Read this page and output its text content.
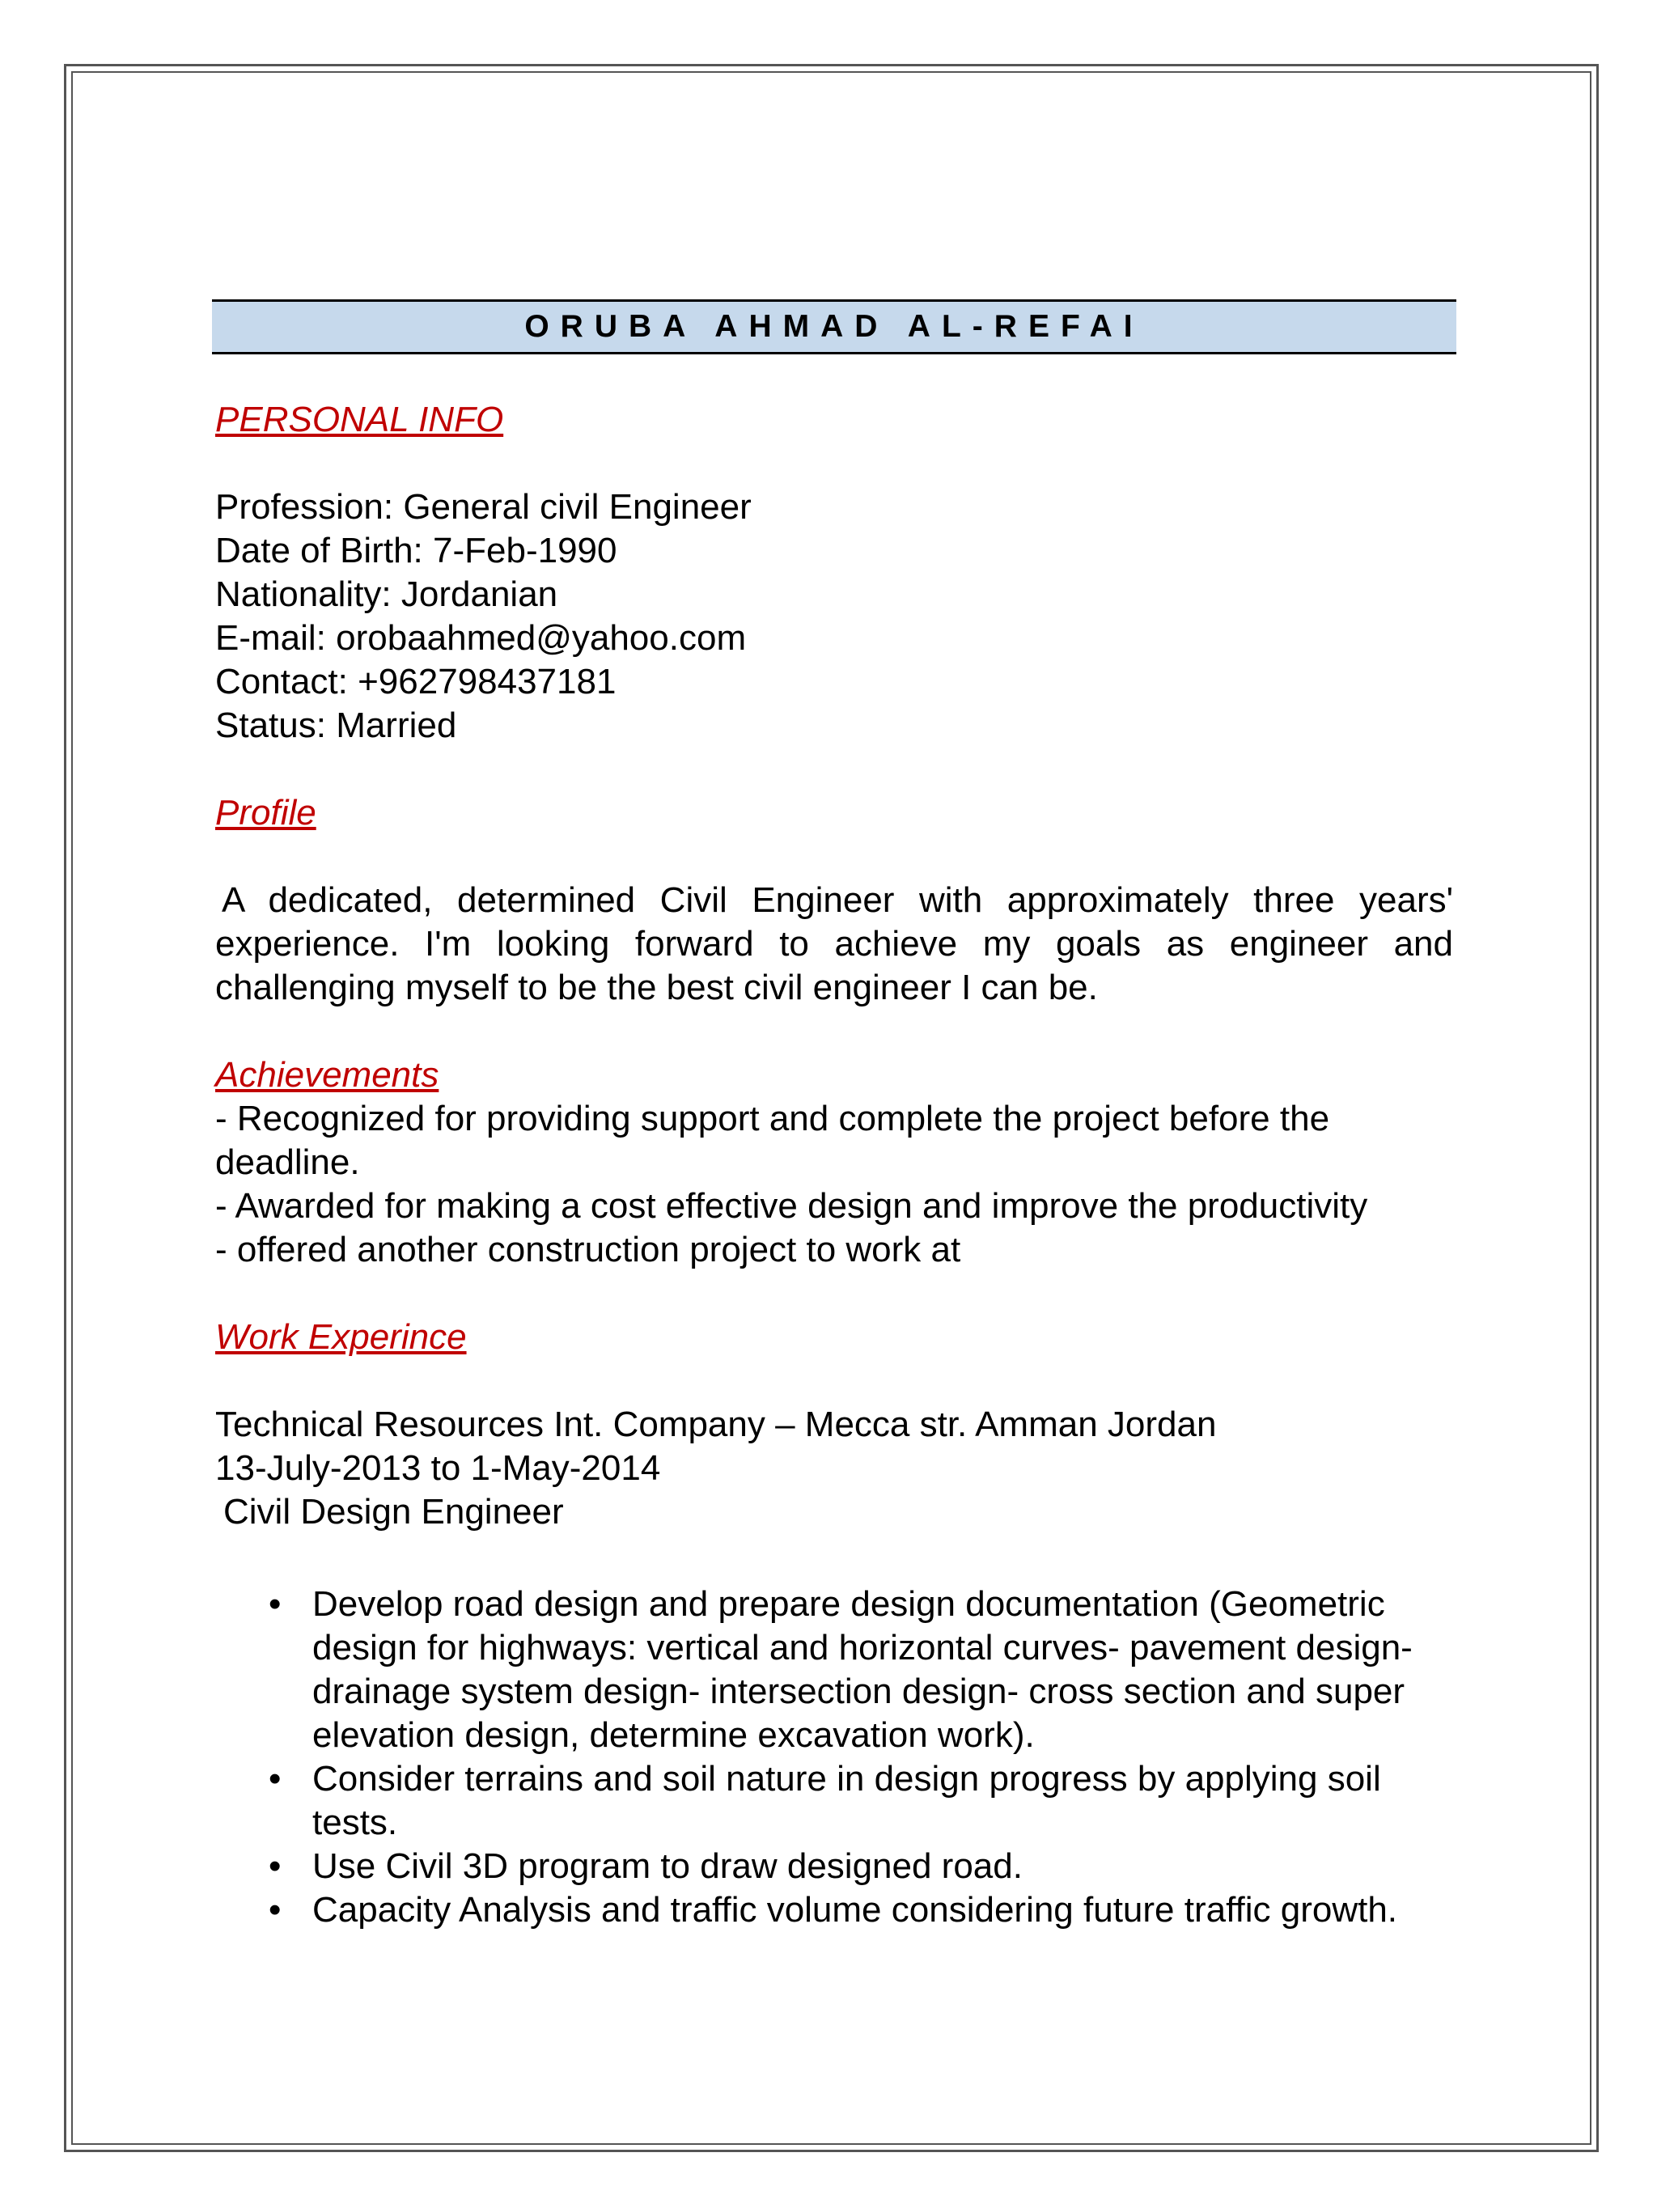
ORUBA AHMAD AL-REFAI
PERSONAL INFO
Profession: General civil Engineer
Date of Birth: 7-Feb-1990
Nationality: Jordanian
E-mail: orobaahmed@yahoo.com
Contact: +962798437181
Status: Married
Profile
A dedicated, determined Civil Engineer with approximately three years' experience. I'm looking forward to achieve my goals as engineer and challenging myself to be the best civil engineer I can be.
Achievements
- Recognized for providing support and complete the project before the deadline.
- Awarded for making a cost effective design and improve the productivity
- offered another construction project to work at
Work Experince
Technical Resources Int. Company – Mecca str. Amman Jordan
13-July-2013 to 1-May-2014
Civil Design Engineer
• Develop road design and prepare design documentation (Geometric design for highways: vertical and horizontal curves- pavement design- drainage system design- intersection design- cross section and super elevation design, determine excavation work).
• Consider terrains and soil nature in design progress by applying soil tests.
• Use Civil 3D program to draw designed road.
• Capacity Analysis and traffic volume considering future traffic growth.
